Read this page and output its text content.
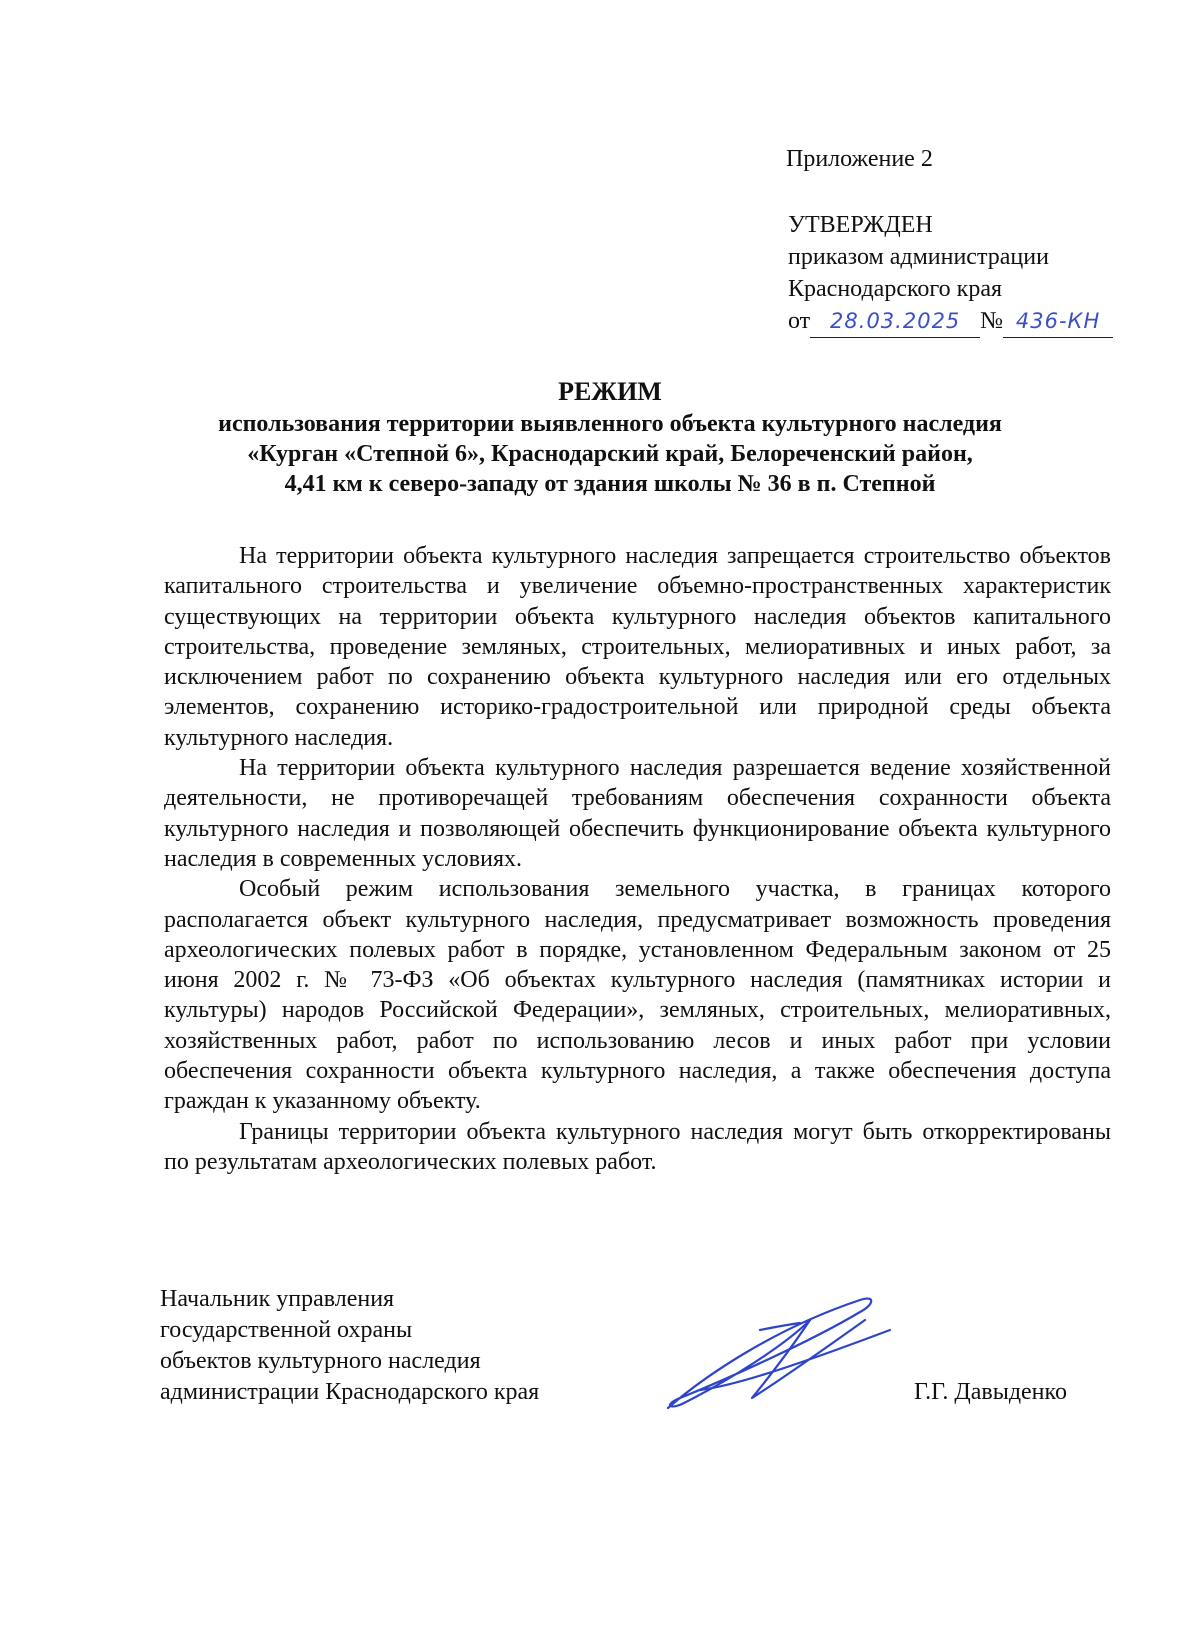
Приложение 2
УТВЕРЖДЕН
приказом администрации
Краснодарского края
от 28.03.2025 № 436-КН
РЕЖИМ
использования территории выявленного объекта культурного наследия
«Курган «Степной 6», Краснодарский край, Белореченский район,
4,41 км к северо-западу от здания школы № 36 в п. Степной

На территории объекта культурного наследия запрещается строительство объектов капитального строительства и увеличение объемно-пространственных характеристик существующих на территории объекта культурного наследия объектов капитального строительства, проведение земляных, строительных, мелиоративных и иных работ, за исключением работ по сохранению объекта культурного наследия или его отдельных элементов, сохранению историко-градостроительной или природной среды объекта культурного наследия.

На территории объекта культурного наследия разрешается ведение хозяйственной деятельности, не противоречащей требованиям обеспечения сохранности объекта культурного наследия и позволяющей обеспечить функционирование объекта культурного наследия в современных условиях.

Особый режим использования земельного участка, в границах которого располагается объект культурного наследия, предусматривает возможность проведения археологических полевых работ в порядке, установленном Федеральным законом от 25 июня 2002 г. № 73-ФЗ «Об объектах культурного наследия (памятниках истории и культуры) народов Российской Федерации», земляных, строительных, мелиоративных, хозяйственных работ, работ по использованию лесов и иных работ при условии обеспечения сохранности объекта культурного наследия, а также обеспечения доступа граждан к указанному объекту.

Границы территории объекта культурного наследия могут быть откорректированы по результатам археологических полевых работ.

Начальник управления
государственной охраны
объектов культурного наследия
администрации Краснодарского края	Г.Г. Давыденко
